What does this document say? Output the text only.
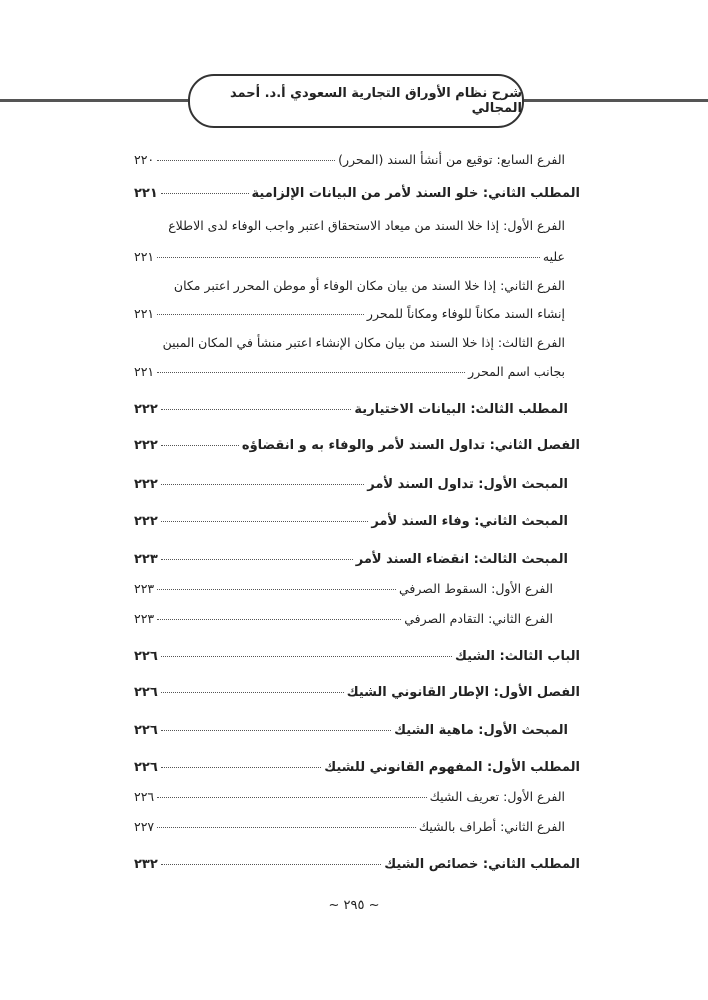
شرح نظام الأوراق التجارية السعودي أ.د. أحمد المجالي
الفرع السابع: توقيع من أنشأ السند (المحرر)
٢٢٠
المطلب الثاني: خلو السند لأمر من البيانات الإلزامية
٢٢١
الفرع الأول: إذا خلا السند من ميعاد الاستحقاق اعتبر واجب الوفاء لدى الاطلاع
عليه
٢٢١
الفرع الثاني: إذا خلا السند من بيان مكان الوفاء أو موطن المحرر اعتبر مكان
إنشاء السند مكاناً للوفاء ومكاناً للمحرر
٢٢١
الفرع الثالث: إذا خلا السند من بيان مكان الإنشاء اعتبر منشأ في المكان المبين
بجانب اسم المحرر
٢٢١
المطلب الثالث: البيانات الاختيارية
٢٢٢
الفصل الثاني: تداول السند لأمر والوفاء به و انقضاؤه
٢٢٢
المبحث الأول: تداول السند لأمر
٢٢٢
المبحث الثاني: وفاء السند لأمر
٢٢٢
المبحث الثالث: انقضاء السند لأمر
٢٢٣
الفرع الأول: السقوط الصرفي
٢٢٣
الفرع الثاني: التقادم الصرفي
٢٢٣
الباب الثالث: الشيك
٢٢٦
الفصل الأول: الإطار القانوني الشيك
٢٢٦
المبحث الأول: ماهية الشيك
٢٢٦
المطلب الأول: المفهوم القانوني للشيك
٢٢٦
الفرع الأول: تعريف الشيك
٢٢٦
الفرع الثاني: أطراف بالشيك
٢٢٧
المطلب الثاني: خصائص الشيك
٢٣٢
~ ٢٩٥ ~
